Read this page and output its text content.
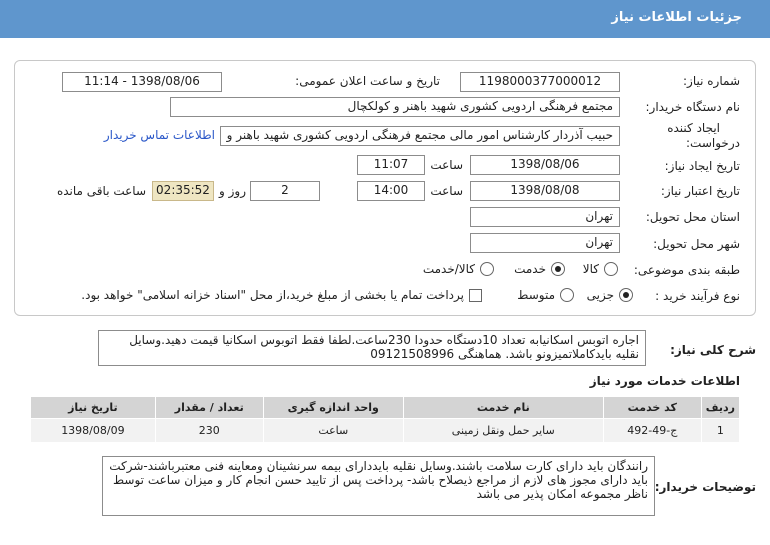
جزئیات اطلاعات نیاز
شماره نیاز:
1198000377000012
تاریخ و ساعت اعلان عمومی:
1398/08/06 - 11:14
نام دستگاه خریدار:
مجتمع فرهنگی اردویی کشوری شهید باهنر و کولکچال
ایجاد کننده
درخواست:
حبیب آذردار کارشناس امور مالی مجتمع فرهنگی اردویی کشوری شهید باهنر و
اطلاعات تماس خریدار
تاریخ ایجاد نیاز:
1398/08/06
ساعت
11:07
تاریخ اعتبار نیاز:
1398/08/08
ساعت
14:00
2
روز و
02:35:52
ساعت باقی مانده
استان محل تحویل:
تهران
شهر محل تحویل:
تهران
طبقه بندی موضوعی:
کالا
خدمت
کالا/خدمت
نوع فرآیند خرید :
جزیی
متوسط
پرداخت تمام یا بخشی از مبلغ خرید،از محل "اسناد خزانه اسلامی" خواهد بود.
شرح کلی نیاز:
اجاره اتوبس اسکانیابه تعداد 10دستگاه حدودا 230ساعت.لطفا فقط اتوبوس اسکانیا قیمت دهید.وسایل نقلیه بایدکاملاتمیزونو باشد. هماهنگی 09121508996
اطلاعات خدمات مورد نیاز
ردیف	کد خدمت	نام خدمت	واحد اندازه گیری	تعداد / مقدار	تاریخ نیاز
1	ج-49-492	سایر حمل ونقل زمینی	ساعت	230	1398/08/09
توضیحات خریدار:
رانندگان باید دارای کارت سلامت باشند.وسایل نقلیه بایددارای بیمه سرنشینان ومعاینه فنی معتبرباشند-شرکت باید دارای مجوز های لازم از مراجع ذیصلاح باشد- پرداخت پس از تایید حسن انجام کار و میزان ساعت توسط ناظر مجموعه امکان پذیر می باشد
